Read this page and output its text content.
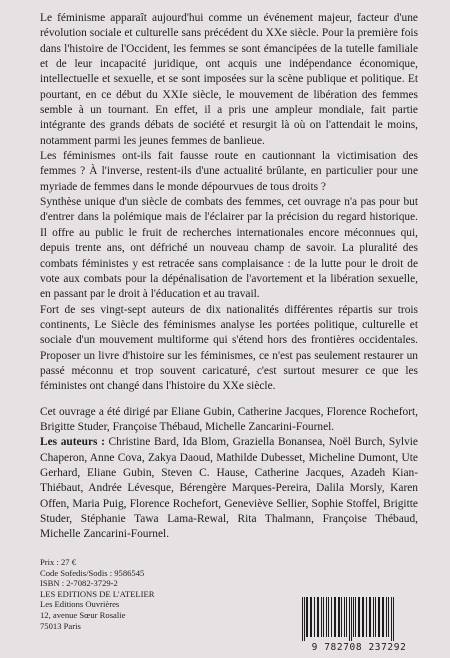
Le féminisme apparaît aujourd'hui comme un événement majeur, facteur d'une révolution sociale et culturelle sans précédent du XXe siècle. Pour la première fois dans l'histoire de l'Occident, les femmes se sont émancipées de la tutelle familiale et de leur incapacité juridique, ont acquis une indépendance économique, intellectuelle et sexuelle, et se sont imposées sur la scène publique et politique. Et pourtant, en ce début du XXIe siècle, le mouvement de libération des femmes semble à un tournant. En effet, il a pris une ampleur mondiale, fait partie intégrante des grands débats de société et resurgit là où on l'attendait le moins, notamment parmi les jeunes femmes de banlieue.

Les féminismes ont-ils fait fausse route en cautionnant la victimisation des femmes ? À l'inverse, restent-ils d'une actualité brûlante, en particulier pour une myriade de femmes dans le monde dépourvues de tous droits ?

Synthèse unique d'un siècle de combats des femmes, cet ouvrage n'a pas pour but d'entrer dans la polémique mais de l'éclairer par la précision du regard historique. Il offre au public le fruit de recherches internationales encore méconnues qui, depuis trente ans, ont défriché un nouveau champ de savoir. La pluralité des combats féministes y est retracée sans complaisance : de la lutte pour le droit de vote aux combats pour la dépénalisation de l'avortement et la libération sexuelle, en passant par le droit à l'éducation et au travail.

Fort de ses vingt-sept auteurs de dix nationalités différentes répartis sur trois continents, Le Siècle des féminismes analyse les portées politique, culturelle et sociale d'un mouvement multiforme qui s'étend hors des frontières occidentales. Proposer un livre d'histoire sur les féminismes, ce n'est pas seulement restaurer un passé méconnu et trop souvent caricaturé, c'est surtout mesurer ce que les féministes ont changé dans l'histoire du XXe siècle.

Cet ouvrage a été dirigé par Eliane Gubin, Catherine Jacques, Florence Rochefort, Brigitte Studer, Françoise Thébaud, Michelle Zancarini-Fournel.

Les auteurs : Christine Bard, Ida Blom, Graziella Bonansea, Noël Burch, Sylvie Chaperon, Anne Cova, Zakya Daoud, Mathilde Dubesset, Micheline Dumont, Ute Gerhard, Eliane Gubin, Steven C. Hause, Catherine Jacques, Azadeh Kian-Thiébaut, Andrée Lévesque, Bérengère Marques-Pereira, Dalila Morsly, Karen Offen, Maria Puig, Florence Rochefort, Geneviève Sellier, Sophie Stoffel, Brigitte Studer, Stéphanie Tawa Lama-Rewal, Rita Thalmann, Françoise Thébaud, Michelle Zancarini-Fournel.

Prix : 27 €
Code Sofedis/Sodis : 9586545
ISBN : 2-7082-3729-2
LES EDITIONS DE L'ATELIER
Les Editions Ouvrières
12, avenue Sœur Rosalie
75013 Paris
9 782708 237292
